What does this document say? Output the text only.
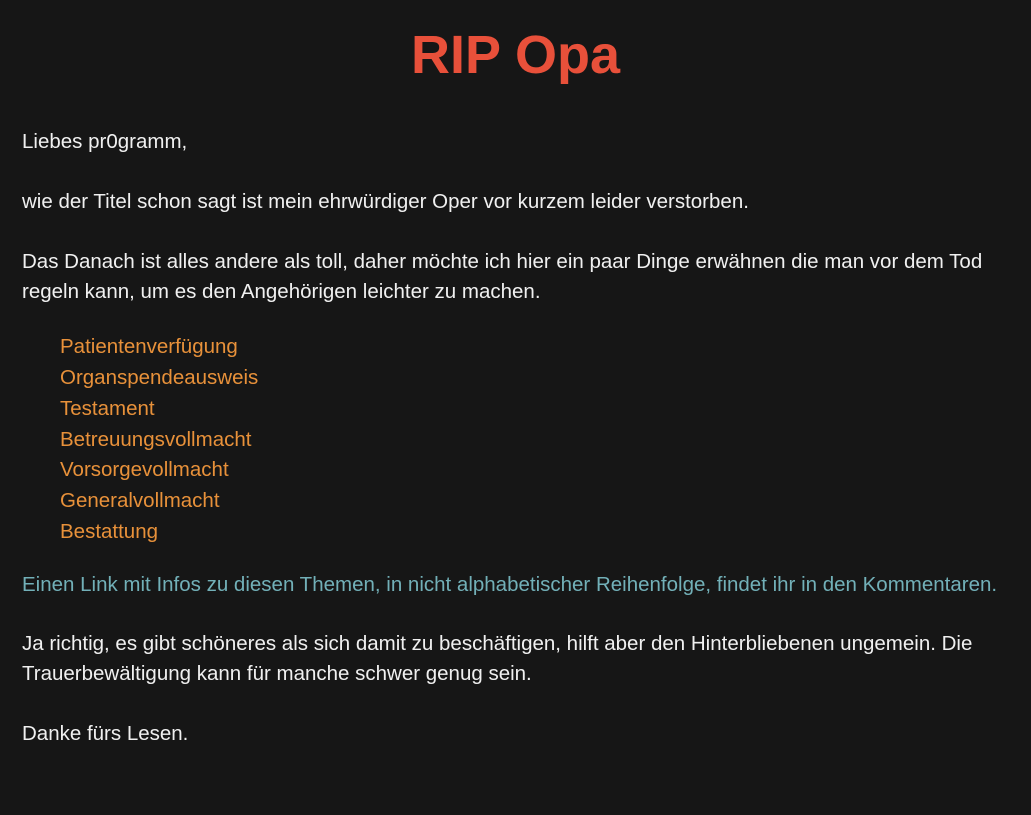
RIP Opa

Liebes pr0gramm,

wie der Titel schon sagt ist mein ehrwürdiger Oper vor kurzem leider verstorben.

Das Danach ist alles andere als toll, daher möchte ich hier ein paar Dinge erwähnen die man vor dem Tod regeln kann, um es den Angehörigen leichter zu machen.

Patientenverfügung
Organspendeausweis
Testament
Betreuungsvollmacht
Vorsorgevollmacht
Generalvollmacht
Bestattung

Einen Link mit Infos zu diesen Themen, in nicht alphabetischer Reihenfolge, findet ihr in den Kommentaren.

Ja richtig, es gibt schöneres als sich damit zu beschäftigen, hilft aber den Hinterbliebenen ungemein. Die Trauerbewältigung kann für manche schwer genug sein.

Danke fürs Lesen.
